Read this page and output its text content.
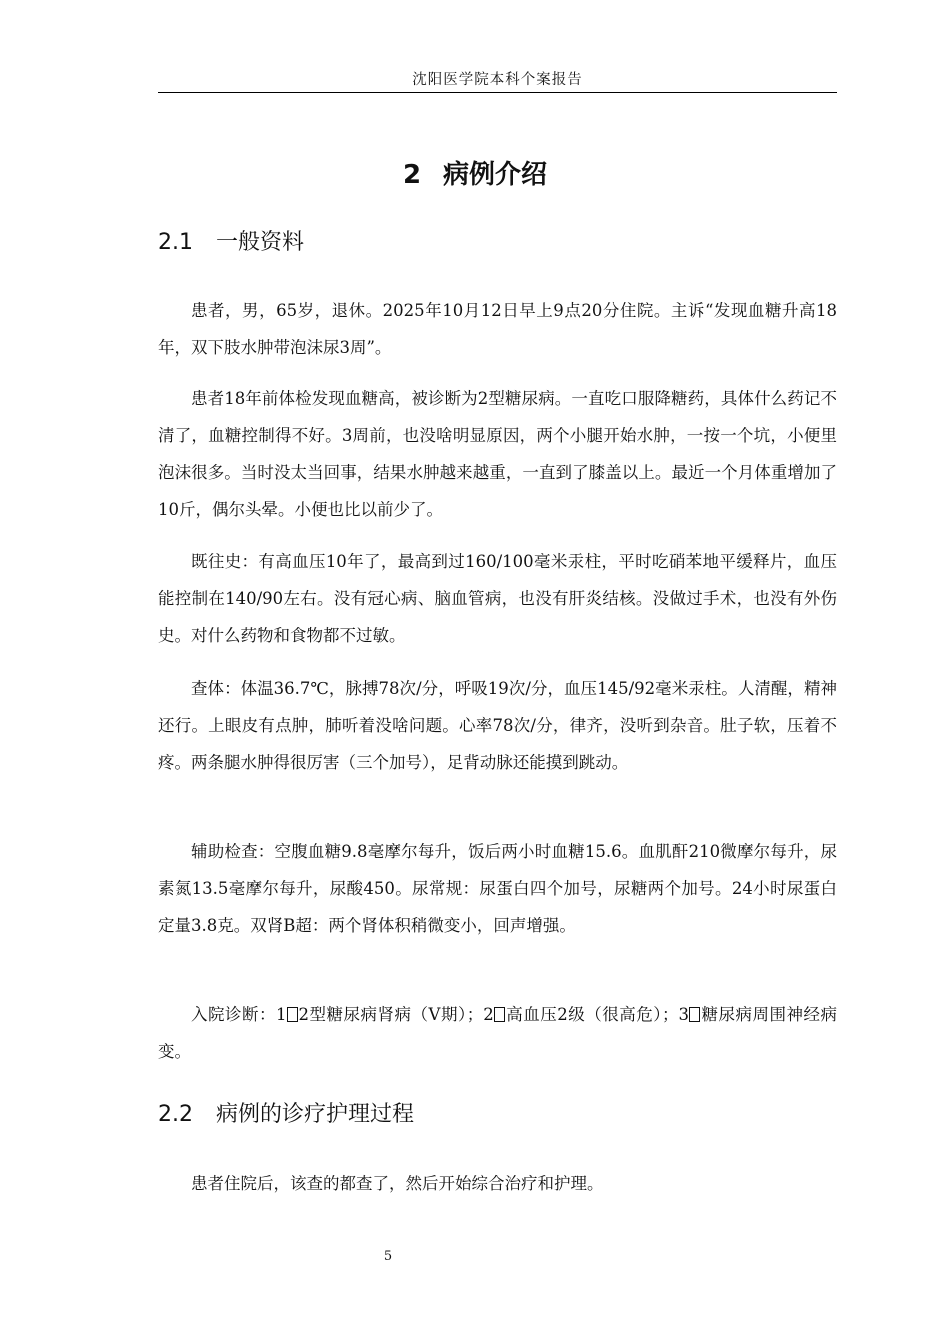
沈阳医学院本科个案报告
2 病例介绍
2.1 一般资料

患者，男，65岁，退休。2025年10月12日早上9点20分住院。主诉“发现血糖升高18年，双下肢水肿带泡沫尿3周”。

患者18年前体检发现血糖高，被诊断为2型糖尿病。一直吃口服降糖药，具体什么药记不清了，血糖控制得不好。3周前，也没啥明显原因，两个小腿开始水肿，一按一个坑，小便里泡沫很多。当时没太当回事，结果水肿越来越重，一直到了膝盖以上。最近一个月体重增加了10斤，偶尔头晕。小便也比以前少了。

既往史：有高血压10年了，最高到过160/100毫米汞柱，平时吃硝苯地平缓释片，血压能控制在140/90左右。没有冠心病、脑血管病，也没有肝炎结核。没做过手术，也没有外伤史。对什么药物和食物都不过敏。

查体：体温36.7℃，脉搏78次/分，呼吸19次/分，血压145/92毫米汞柱。人清醒，精神还行。上眼皮有点肿，肺听着没啥问题。心率78次/分，律齐，没听到杂音。肚子软，压着不疼。两条腿水肿得很厉害（三个加号），足背动脉还能摸到跳动。

辅助检查：空腹血糖9.8毫摩尔每升，饭后两小时血糖15.6。血肌酐210微摩尔每升，尿素氮13.5毫摩尔每升，尿酸450。尿常规：尿蛋白四个加号，尿糖两个加号。24小时尿蛋白定量3.8克。双肾B超：两个肾体积稍微变小，回声增强。

入院诊断：1 2型糖尿病肾病（Ⅴ期）；2 高血压2级（很高危）；3 糖尿病周围神经病变。

2.2 病例的诊疗护理过程

患者住院后，该查的都查了，然后开始综合治疗和护理。

5
